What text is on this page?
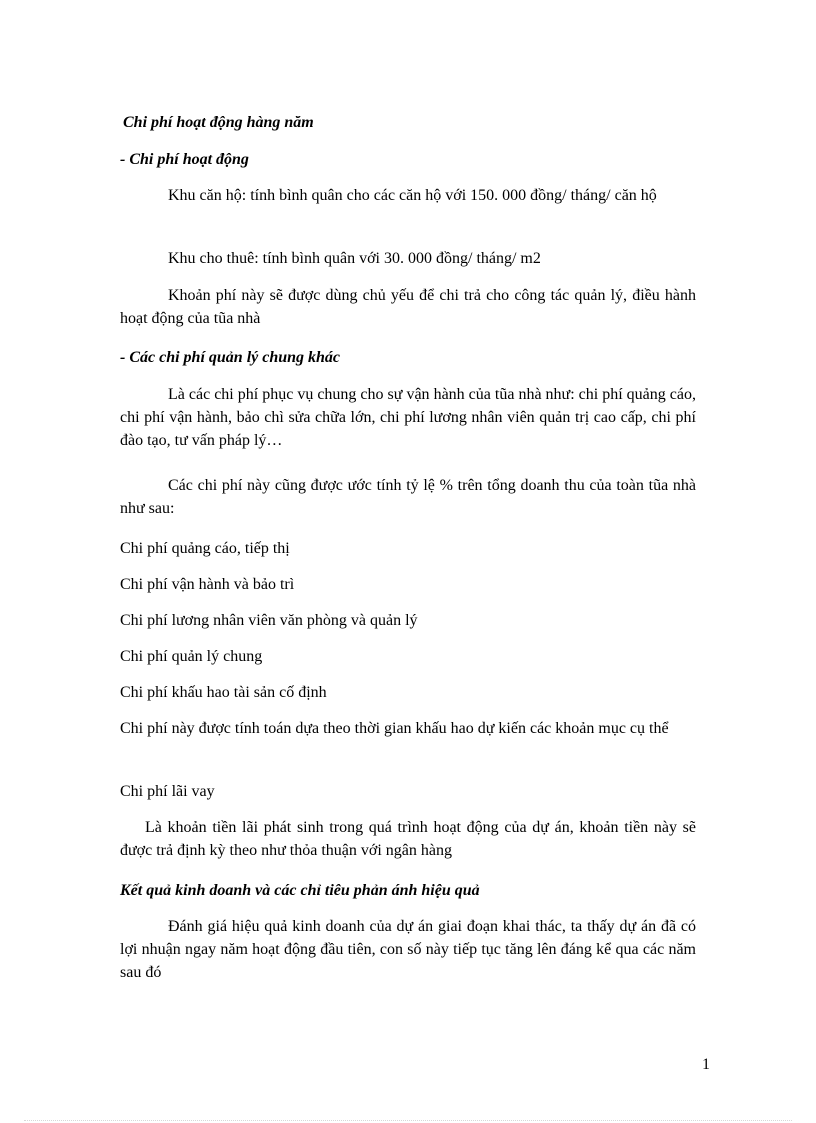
Chi phí hoạt động hàng năm

- Chi phí hoạt động

Khu căn hộ: tính bình quân cho các căn hộ với 150. 000 đồng/ tháng/ căn hộ

Khu cho thuê: tính bình quân với 30. 000 đồng/ tháng/ m2

Khoản phí này sẽ được dùng chủ yếu để chi trả cho công tác quản lý, điều hành hoạt động của tũa nhà

- Các chi phí quản lý chung khác

Là các chi phí phục vụ chung cho sự vận hành của tũa nhà như: chi phí quảng cáo, chi phí vận hành, bảo chì sửa chữa lớn, chi phí lương nhân viên quản trị cao cấp, chi phí đào tạo, tư vấn pháp lý…

Các chi phí này cũng được ước tính tỷ lệ % trên tổng doanh thu của toàn tũa nhà như sau:

Chi phí quảng cáo, tiếp thị

Chi phí vận hành và bảo trì

Chi phí lương nhân viên văn phòng và quản lý

Chi phí quản lý chung

Chi phí khấu hao tài sản cố định

Chi phí này được tính toán dựa theo thời gian khấu hao dự kiến các khoản mục cụ thể

Chi phí lãi vay

Là khoản tiền lãi phát sinh trong quá trình hoạt động của dự án, khoản tiền này sẽ được trả định kỳ theo như thỏa thuận với ngân hàng

Kết quả kinh doanh và các chỉ tiêu phản ánh hiệu quả

Đánh giá hiệu quả kinh doanh của dự án giai đoạn khai thác, ta thấy dự án đã có lợi nhuận ngay năm hoạt động đầu tiên, con số này tiếp tục tăng lên đáng kể qua các năm sau đó

1
